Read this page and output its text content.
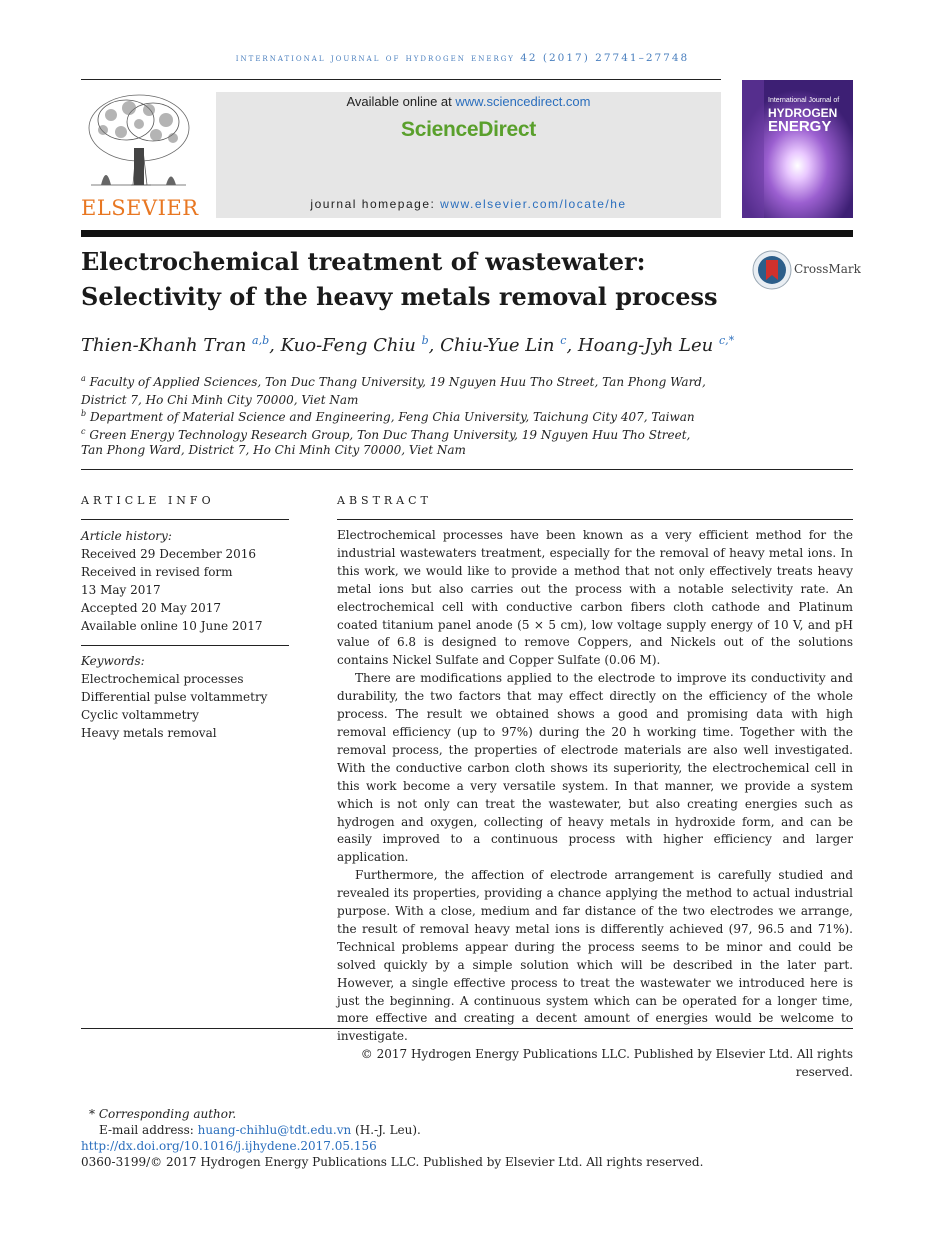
international journal of hydrogen energy 42 (2017) 27741–27748
ELSEVIER
Available online at www.sciencedirect.com
ScienceDirect
journal homepage: www.elsevier.com/locate/he
International Journal of
HYDROGEN
ENERGY
Electrochemical treatment of wastewater:
Selectivity of the heavy metals removal process
CrossMark
Thien-Khanh Tran $^{a,b}$, Kuo-Feng Chiu $^b$, Chiu-Yue Lin $^c$, Hoang-Jyh Leu $^{c,*}$
$^a$ Faculty of Applied Sciences, Ton Duc Thang University, 19 Nguyen Huu Tho Street, Tan Phong Ward, District 7, Ho Chi Minh City 70000, Viet Nam
$^b$ Department of Material Science and Engineering, Feng Chia University, Taichung City 407, Taiwan
$^c$ Green Energy Technology Research Group, Ton Duc Thang University, 19 Nguyen Huu Tho Street,
Tan Phong Ward, District 7, Ho Chi Minh City 70000, Viet Nam
ARTICLE INFO
Article history:
Received 29 December 2016
Received in revised form
13 May 2017
Accepted 20 May 2017
Available online 10 June 2017
Keywords:
Electrochemical processes
Differential pulse voltammetry
Cyclic voltammetry
Heavy metals removal
ABSTRACT

Electrochemical processes have been known as a very efficient method for the industrial wastewaters treatment, especially for the removal of heavy metal ions. In this work, we would like to provide a method that not only effectively treats heavy metal ions but also carries out the process with a notable selectivity rate. An electrochemical cell with conductive carbon fibers cloth cathode and Platinum coated titanium panel anode (5 × 5 cm), low voltage supply energy of 10 V, and pH value of 6.8 is designed to remove Coppers, and Nickels out of the solutions contains Nickel Sulfate and Copper Sulfate (0.06 M).

There are modifications applied to the electrode to improve its conductivity and durability, the two factors that may effect directly on the efficiency of the whole process. The result we obtained shows a good and promising data with high removal efficiency (up to 97%) during the 20 h working time. Together with the removal process, the properties of electrode materials are also well investigated. With the conductive carbon cloth shows its superiority, the electrochemical cell in this work become a very versatile system. In that manner, we provide a system which is not only can treat the wastewater, but also creating energies such as hydrogen and oxygen, collecting of heavy metals in hydroxide form, and can be easily improved to a continuous process with higher efficiency and larger application.

Furthermore, the affection of electrode arrangement is carefully studied and revealed its properties, providing a chance applying the method to actual industrial purpose. With a close, medium and far distance of the two electrodes we arrange, the result of removal heavy metal ions is differently achieved (97, 96.5 and 71%). Technical problems appear during the process seems to be minor and could be solved quickly by a simple solution which will be described in the later part. However, a single effective process to treat the wastewater we introduced here is just the beginning. A continuous system which can be operated for a longer time, more effective and creating a decent amount of energies would be welcome to investigate.

© 2017 Hydrogen Energy Publications LLC. Published by Elsevier Ltd. All rights reserved.

* Corresponding author.
E-mail address: huang-chihlu@tdt.edu.vn (H.-J. Leu).
http://dx.doi.org/10.1016/j.ijhydene.2017.05.156
0360-3199/© 2017 Hydrogen Energy Publications LLC. Published by Elsevier Ltd. All rights reserved.
